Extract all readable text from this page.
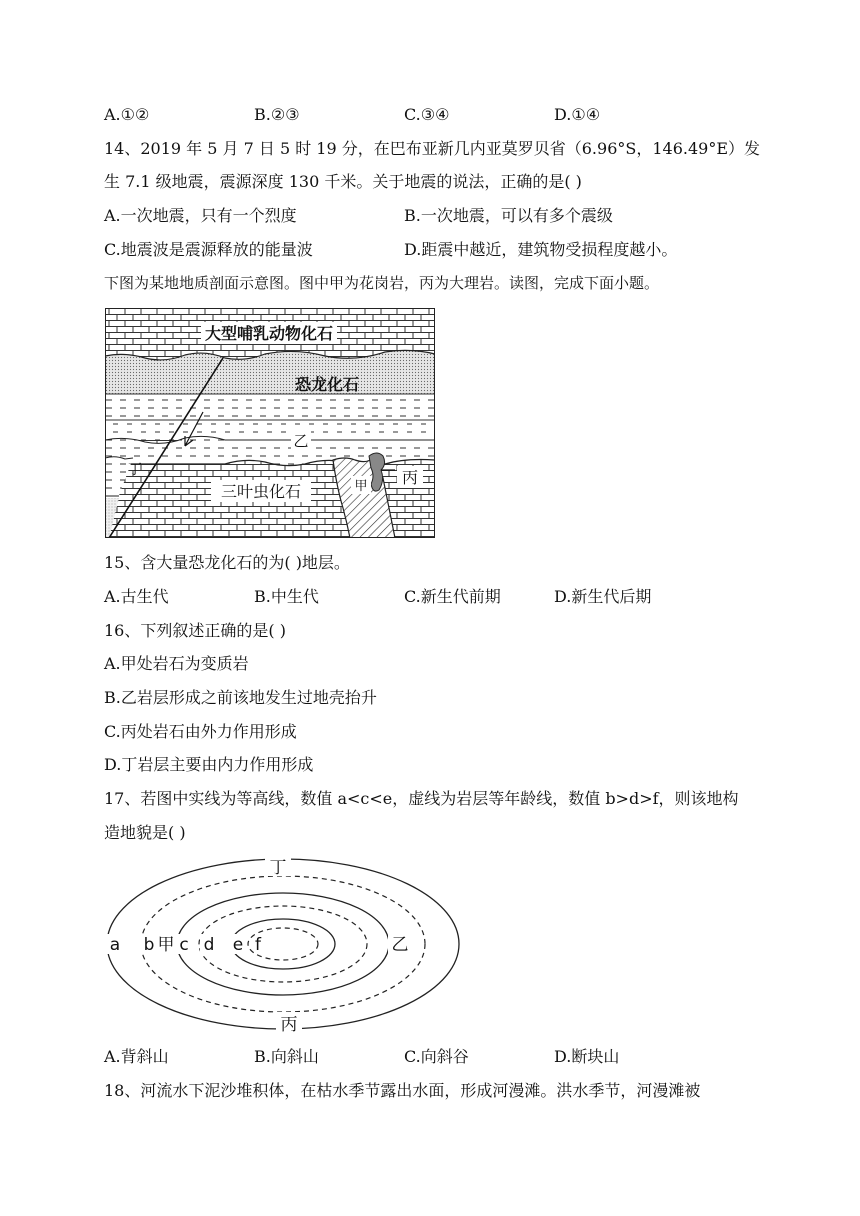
A.①②	B.②③	C.③④	D.①④
14、2019 年 5 月 7 日 5 时 19 分，在巴布亚新几内亚莫罗贝省（6.96°S，146.49°E）发
生 7.1 级地震，震源深度 130 千米。关于地震的说法，正确的是( )
A.一次地震，只有一个烈度	B.一次地震，可以有多个震级
C.地震波是震源释放的能量波	D.距震中越近，建筑物受损程度越小。
下图为某地地质剖面示意图。图中甲为花岗岩，丙为大理岩。读图，完成下面小题。
大型哺乳动物化石
恐龙化石
乙
丁
三叶虫化石	甲 丙
15、含大量恐龙化石的为( )地层。
A.古生代	B.中生代	C.新生代前期	D.新生代后期
16、下列叙述正确的是( )
A.甲处岩石为变质岩
B.乙岩层形成之前该地发生过地壳抬升
C.丙处岩石由外力作用形成
D.丁岩层主要由内力作用形成
17、若图中实线为等高线，数值 a<c<e，虚线为岩层等年龄线，数值 b>d>f，则该地构
造地貌是( )
丁
a b 甲 c d e f	乙
丙
A.背斜山	B.向斜山	C.向斜谷	D.断块山
18、河流水下泥沙堆积体，在枯水季节露出水面，形成河漫滩。洪水季节，河漫滩被
